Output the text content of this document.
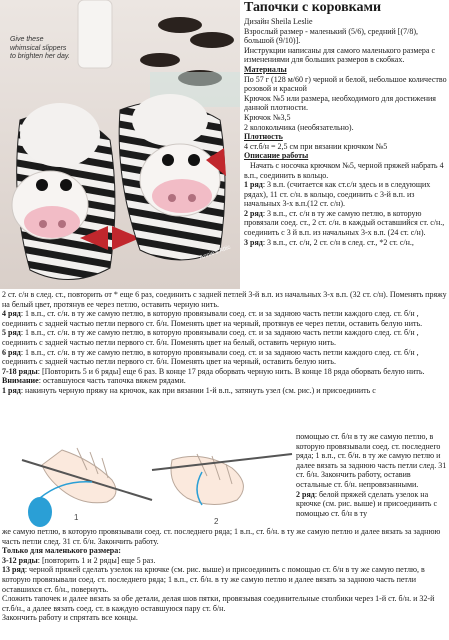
Give these whimsical slippers to brighten her day.
Annie's Attic
Тапочки с коровками

Дизайн Sheila Leslie

Взрослый размер - маленький (5/6), средний [(7/8), большой (9/10)].

Инструкции написаны для самого маленького размера с изменениями для больших размеров в скобках.

Материалы

По 57 г (128 м/60 г) черной и белой, небольшое количество розовой и красной

Крючок №5 или размера, необходимого для достижения данной плотности.

Крючок №3,5

2 колокольчика (необязательно).

Плотность

4 ст.б/н = 2,5 см при вязании крючком №5

Описание работы

Начать с носочка крючком №5, черной пряжей набрать 4 в.п., соединить в кольцо.

1 ряд: 3 в.п. (считается как ст.с/н здесь и в следующих рядах), 11 ст. с/н. в кольцо, соединить с 3-й в.п. из начальных 3-х в.п.(12 ст. с/н).

2 ряд: 3 в.п., ст. с/н в ту же самую петлю, в которую провязали соед. ст., 2 ст. с/н. в каждый оставшийся ст. с/н., соединить с 3 й в.п. из начальных 3-х в.п. (24 ст. с/н).

3 ряд: 3 в.п., ст. с/н, 2 ст. с/н в след. ст., *2 ст. с/н.,

2 ст. с/н в след. ст., повторить от * еще 6 раз, соединить с задней петлей 3-й в.п. из начальных 3-х в.п. (32 ст. с/н). Поменять пряжу на белый цвет, протянув ее через петлю, оставить черную нить.

4 ряд: 1 в.п., ст. с/н. в ту же самую петлю, в которую провязывали соед. ст. и за заднюю часть петли каждого след. ст. б/н , соединить с задней частью петли первого ст. б/н. Поменять цвет на черный, протянув ее через петли, оставить белую нить.

5 ряд: 1 в.п., ст. с/н. в ту же самую петлю, в которую провязывали соед. ст. и за заднюю часть петли каждого след. ст. б/н , соединить с задней частью петли первого ст. б/н. Поменять цвет на белый, оставить черную нить.

6 ряд: 1 в.п., ст. с/н. в ту же самую петлю, в которую провязывали соед. ст. и за заднюю часть петли каждого след. ст. б/н , соединить с задней частью петли первого ст. б/н. Поменять цвет на черный, оставить белую нить.

7-18 ряды: [Повторить 5 и 6 ряды] еще 6 раз. В конце 17 ряда оборвать черную нить. В конце 18 ряда оборвать белую нить.

Внимание: оставшуюся часть тапочка вяжем рядами.

1 ряд: накинуть черную пряжу на крючок, как при вязании 1-й в.п., затянуть узел (см. рис.) и присоединить с

1	2

помощью ст. б/н в ту же самую петлю, в которую провязывали соед. ст. последнего ряда; 1 в.п., ст. б/н. в ту же самую петлю и далее вязать за заднюю часть петли след. 31 ст. б/н. Закончить работу, оставив остальные ст. б/н. непровязанными.

2 ряд: белой пряжей сделать узелок на крючке (см. рис. выше) и присоединить с помощью ст. б/н в ту

же самую петлю, в которую провязывали соед. ст. последнего ряда; 1 в.п., ст. б/н. в ту же самую петлю и далее вязать за заднюю часть петли след. 31 ст. б/н. Закончить работу.

Только для маленького размера:

3-12 ряды: [повторить 1 и 2 ряды] еще 5 раз.

13 ряд: черной пряжей сделать узелок на крючке (см. рис. выше) и присоединить с помощью ст. б/н в ту же самую петлю, в которую провязывали соед. ст. последнего ряда; 1 в.п., ст. б/н. в ту же самую петлю и далее вязать за заднюю часть петли оставшихся ст. б/н., повернуть.

Сложить тапочек и далее вязать за обе детали, делая шов пятки, провязывая соединительные столбики через 1-й ст. б/н. и 32-й ст.б/н., а далее вязать соед. ст. в каждую оставшуюся пару ст. б/н.

Закончить работу и спрятать все концы.
